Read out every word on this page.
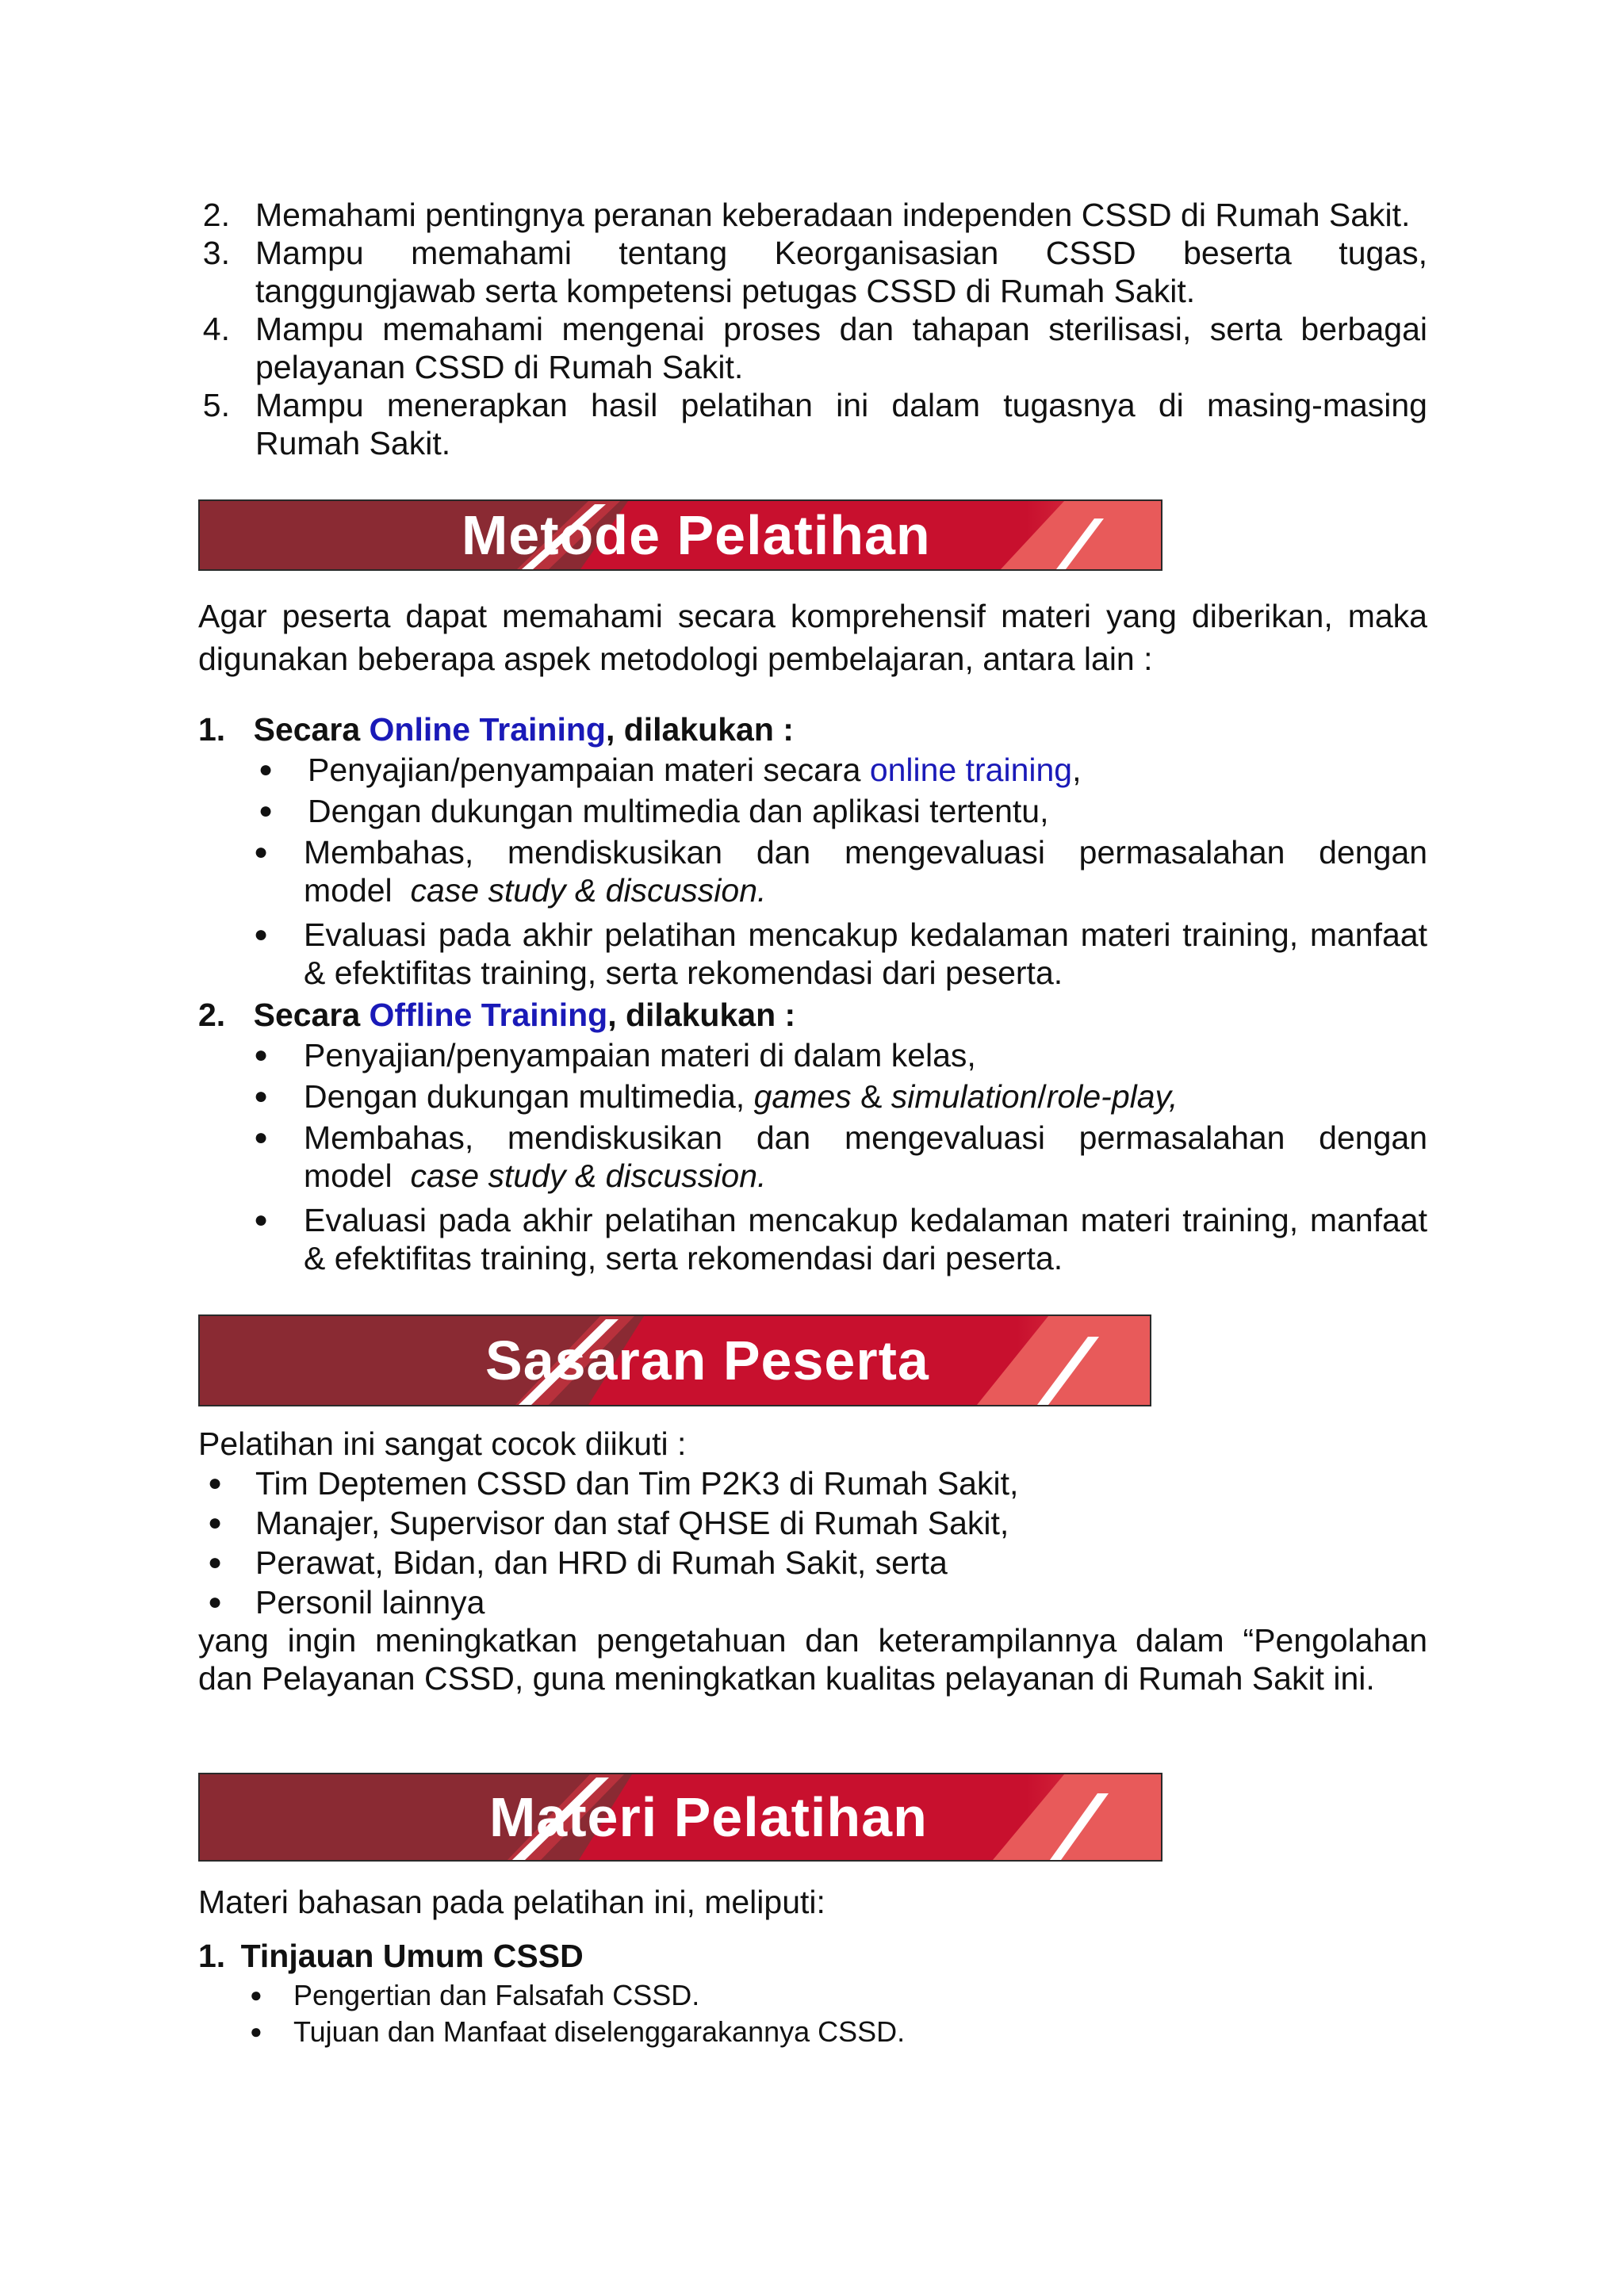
2. Memahami pentingnya peranan keberadaan independen CSSD di Rumah Sakit.
3. Mampu memahami tentang Keorganisasian CSSD beserta tugas,
tanggungjawab serta kompetensi petugas CSSD di Rumah Sakit.
4. Mampu memahami mengenai proses dan tahapan sterilisasi, serta berbagai
pelayanan CSSD di Rumah Sakit.
5. Mampu menerapkan hasil pelatihan ini dalam tugasnya di masing-masing
Rumah Sakit.
Metode Pelatihan
Agar peserta dapat memahami secara komprehensif materi yang diberikan, maka
digunakan beberapa aspek metodologi pembelajaran, antara lain :
1. Secara Online Training, dilakukan :
● Penyajian/penyampaian materi secara online training,
● Dengan dukungan multimedia dan aplikasi tertentu,
● Membahas, mendiskusikan dan mengevaluasi permasalahan dengan
model case study & discussion.
● Evaluasi pada akhir pelatihan mencakup kedalaman materi training, manfaat
& efektifitas training, serta rekomendasi dari peserta.
2. Secara Offline Training, dilakukan :
● Penyajian/penyampaian materi di dalam kelas,
● Dengan dukungan multimedia, games & simulation/role-play,
● Membahas, mendiskusikan dan mengevaluasi permasalahan dengan
model case study & discussion.
● Evaluasi pada akhir pelatihan mencakup kedalaman materi training, manfaat
& efektifitas training, serta rekomendasi dari peserta.
Sasaran Peserta
Pelatihan ini sangat cocok diikuti :
● Tim Deptemen CSSD dan Tim P2K3 di Rumah Sakit,
● Manajer, Supervisor dan staf QHSE di Rumah Sakit,
● Perawat, Bidan, dan HRD di Rumah Sakit, serta
● Personil lainnya
yang ingin meningkatkan pengetahuan dan keterampilannya dalam “Pengolahan
dan Pelayanan CSSD, guna meningkatkan kualitas pelayanan di Rumah Sakit ini.
Materi Pelatihan
Materi bahasan pada pelatihan ini, meliputi:
1. Tinjauan Umum CSSD
● Pengertian dan Falsafah CSSD.
● Tujuan dan Manfaat diselenggarakannya CSSD.
